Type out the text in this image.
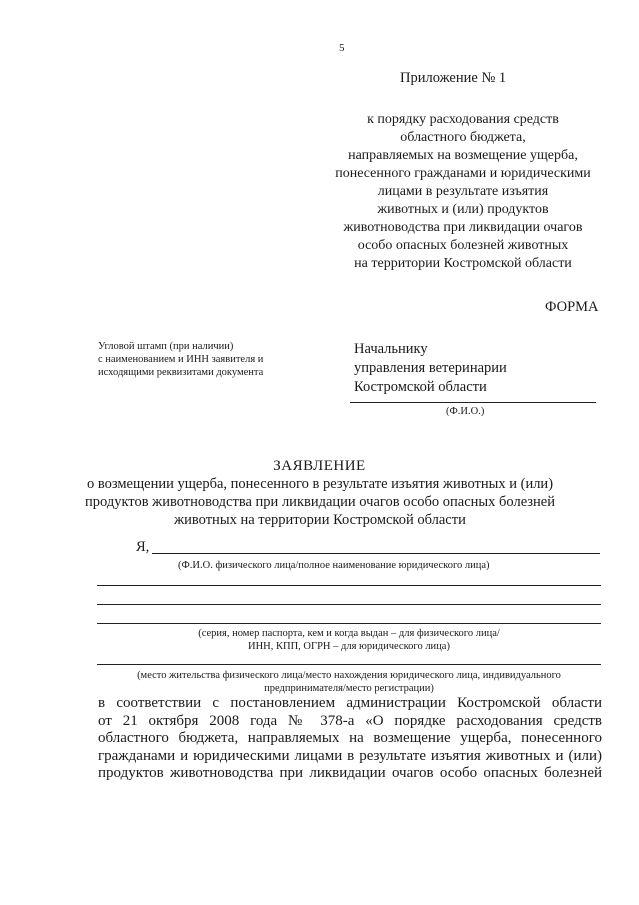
5
Приложение № 1
к порядку расходования средств
областного бюджета,
направляемых на возмещение ущерба,
понесенного гражданами и юридическими
лицами в результате изъятия
животных и (или) продуктов
животноводства при ликвидации очагов
особо опасных болезней животных
на территории Костромской области
ФОРМА
Угловой штамп (при наличии)
с наименованием и ИНН заявителя и
исходящими реквизитами документа
Начальнику
управления ветеринарии
Костромской области
(Ф.И.О.)
ЗАЯВЛЕНИЕ
о возмещении ущерба, понесенного в результате изъятия животных и (или)
продуктов животноводства при ликвидации очагов особо опасных болезней
животных на территории Костромской области
Я,
(Ф.И.О. физического лица/полное наименование юридического лица)
(серия, номер паспорта, кем и когда выдан – для физического лица/
ИНН, КПП, ОГРН – для юридического лица)
(место жительства физического лица/место нахождения юридического лица, индивидуального
предпринимателя/место регистрации)
в соответствии с постановлением администрации Костромской области
от 21 октября 2008 года № 378-а «О порядке расходования средств
областного бюджета, направляемых на возмещение ущерба, понесенного
гражданами и юридическими лицами в результате изъятия животных и (или)
продуктов животноводства при ликвидации очагов особо опасных болезней
